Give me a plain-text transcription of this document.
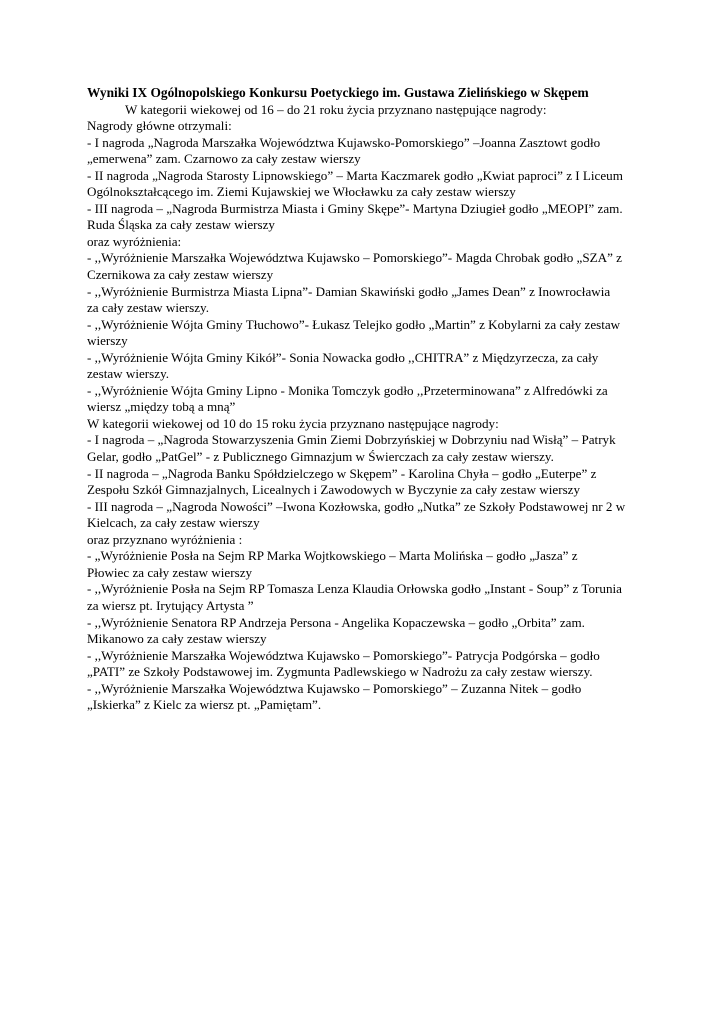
Wyniki IX Ogólnopolskiego Konkursu Poetyckiego im. Gustawa Zielińskiego w Skępem

W kategorii wiekowej od 16 – do 21 roku życia przyznano następujące nagrody:

Nagrody główne otrzymali:

- I nagroda „Nagroda Marszałka Województwa Kujawsko-Pomorskiego” –Joanna Zasztowt godło

„emerwena” zam. Czarnowo za cały zestaw wierszy

- II nagroda „Nagroda Starosty Lipnowskiego” – Marta Kaczmarek godło „Kwiat paproci” z I Liceum

Ogólnokształcącego im. Ziemi Kujawskiej we Włocławku za cały zestaw wierszy

- III nagroda – „Nagroda Burmistrza Miasta i Gminy Skępe”- Martyna Dziugieł godło „MEOPI” zam.

Ruda Śląska za cały zestaw wierszy

oraz wyróżnienia:

- ,,Wyróżnienie Marszałka Województwa Kujawsko – Pomorskiego”- Magda Chrobak godło „SZA” z

Czernikowa za cały zestaw wierszy

- ,,Wyróżnienie Burmistrza Miasta Lipna”- Damian Skawiński godło „James Dean” z Inowrocławia

za cały zestaw wierszy.

- ,,Wyróżnienie Wójta Gminy Tłuchowo”- Łukasz Telejko godło „Martin” z Kobylarni za cały zestaw

wierszy

- ,,Wyróżnienie Wójta Gminy Kikół”- Sonia Nowacka godło ,,CHITRA” z Międzyrzecza, za cały

zestaw wierszy.

- ,,Wyróżnienie Wójta Gminy Lipno - Monika Tomczyk godło ,,Przeterminowana” z Alfredówki za

wiersz „między tobą a mną”

W kategorii wiekowej od 10 do 15 roku życia przyznano następujące nagrody:

- I nagroda – „Nagroda Stowarzyszenia Gmin Ziemi Dobrzyńskiej w Dobrzyniu nad Wisłą” – Patryk

Gelar, godło „PatGel” - z Publicznego Gimnazjum w Świerczach za cały zestaw wierszy.

- II nagroda – „Nagroda Banku Spółdzielczego w Skępem” - Karolina Chyła – godło „Euterpe” z

Zespołu Szkół Gimnazjalnych, Licealnych i Zawodowych w Byczynie za cały zestaw wierszy

- III nagroda – „Nagroda Nowości” –Iwona Kozłowska, godło „Nutka” ze Szkoły Podstawowej nr 2 w

Kielcach, za cały zestaw wierszy

oraz przyznano wyróżnienia :

- „Wyróżnienie Posła na Sejm RP Marka Wojtkowskiego – Marta Molińska – godło „Jasza” z

Płowiec za cały zestaw wierszy

- ,,Wyróżnienie Posła na Sejm RP Tomasza Lenza Klaudia Orłowska godło „Instant - Soup” z Torunia

za wiersz pt. Irytujący Artysta ”

- ,,Wyróżnienie Senatora RP Andrzeja Persona - Angelika Kopaczewska – godło „Orbita” zam.

Mikanowo za cały zestaw wierszy

- ,,Wyróżnienie Marszałka Województwa Kujawsko – Pomorskiego”- Patrycja Podgórska – godło

„PATI” ze Szkoły Podstawowej im. Zygmunta Padlewskiego w Nadrożu za cały zestaw wierszy.

- ,,Wyróżnienie Marszałka Województwa Kujawsko – Pomorskiego” – Zuzanna Nitek – godło

„Iskierka” z Kielc za wiersz pt. „Pamiętam”.
